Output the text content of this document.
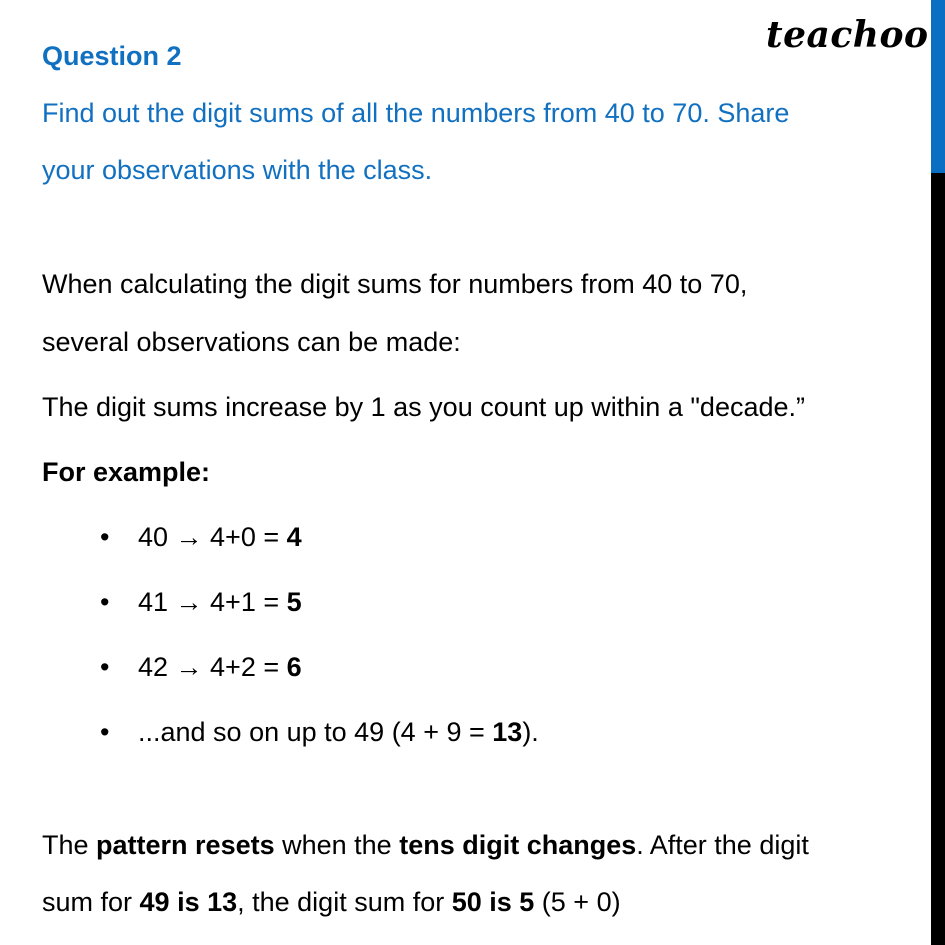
teachoo
Question 2
Find out the digit sums of all the numbers from 40 to 70. Share
your observations with the class.
When calculating the digit sums for numbers from 40 to 70,
several observations can be made:
The digit sums increase by 1 as you count up within a "decade.”
For example:
• 40 → 4+0 = 4
• 41 → 4+1 = 5
• 42 → 4+2 = 6
• ...and so on up to 49 (4 + 9 = 13).
The pattern resets when the tens digit changes. After the digit
sum for 49 is 13, the digit sum for 50 is 5 (5 + 0)
